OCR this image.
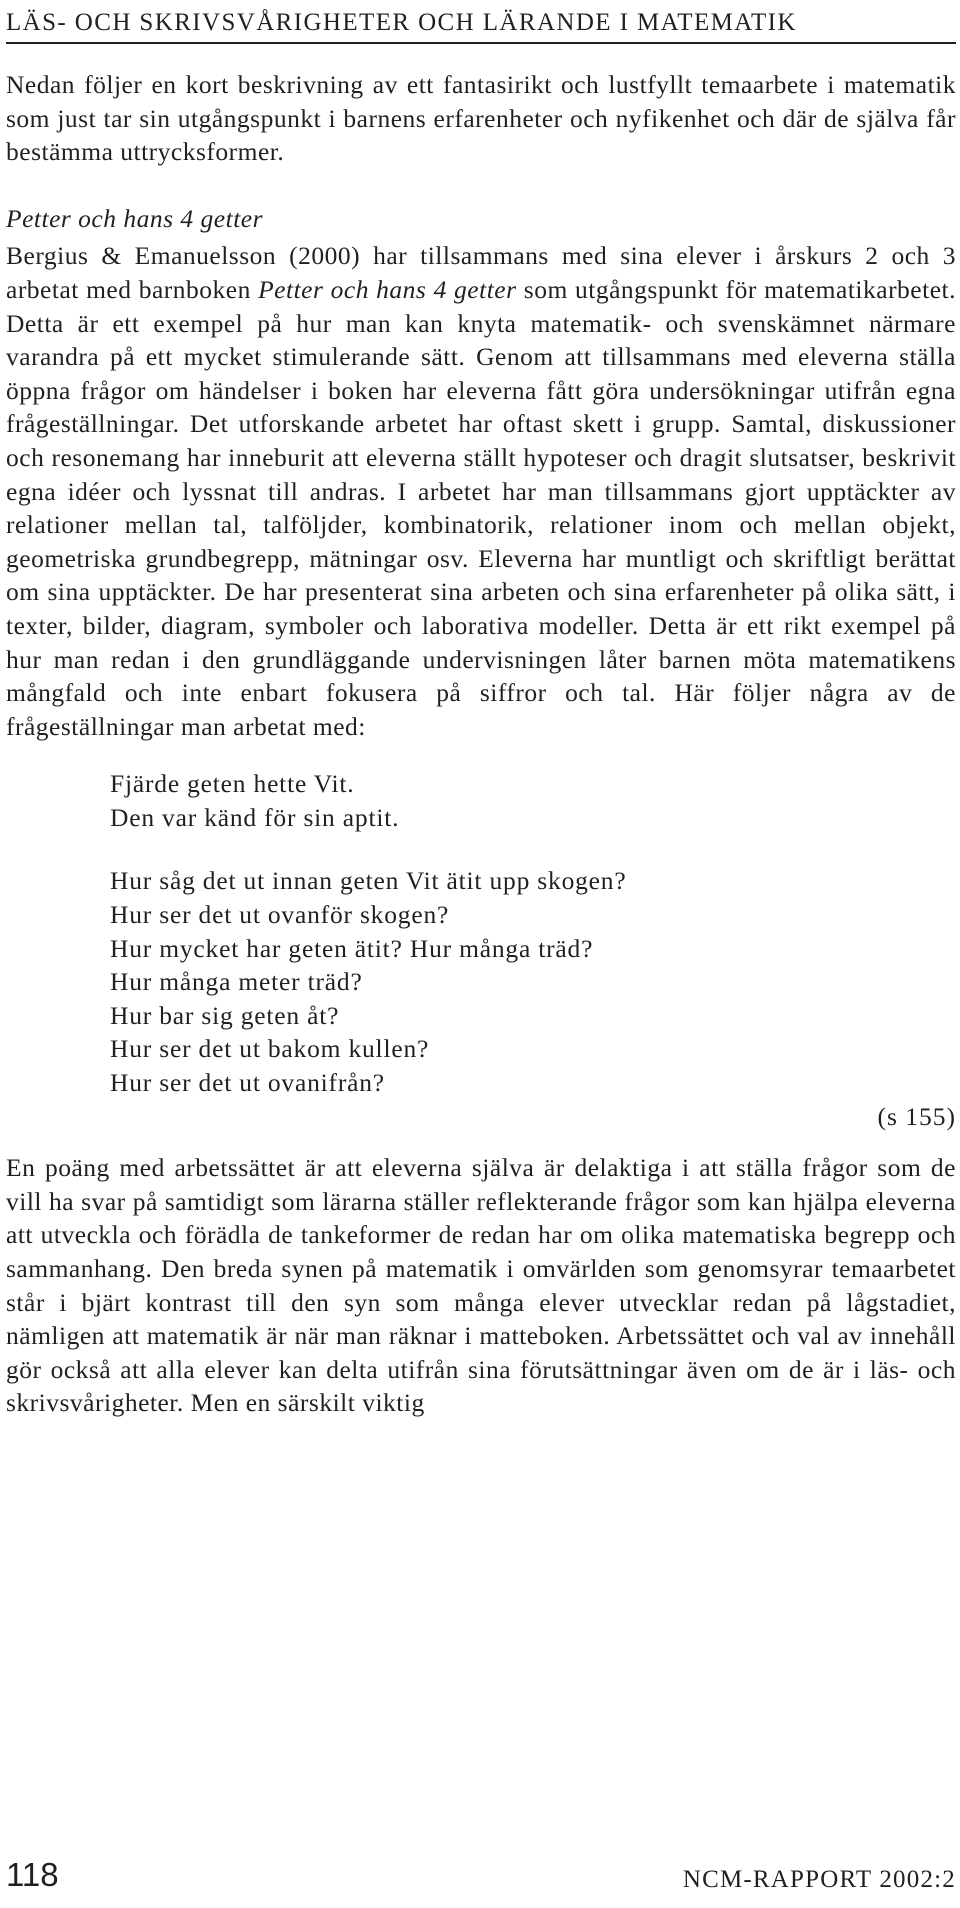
LÄS- OCH SKRIVSVÅRIGHETER OCH LÄRANDE I MATEMATIK

Nedan följer en kort beskrivning av ett fantasirikt och lustfyllt temaarbete i matematik som just tar sin utgångspunkt i barnens erfarenheter och nyfikenhet och där de själva får bestämma uttrycksformer.

Petter och hans 4 getter

Bergius & Emanuelsson (2000) har tillsammans med sina elever i årskurs 2 och 3 arbetat med barnboken Petter och hans 4 getter som utgångspunkt för matematikarbetet. Detta är ett exempel på hur man kan knyta matematik- och svenskämnet närmare varandra på ett mycket stimulerande sätt. Genom att tillsammans med eleverna ställa öppna frågor om händelser i boken har eleverna fått göra undersökningar utifrån egna frågeställningar. Det utforskande arbetet har oftast skett i grupp. Samtal, diskussioner och resonemang har inneburit att eleverna ställt hypoteser och dragit slutsatser, beskrivit egna idéer och lyssnat till andras. I arbetet har man tillsammans gjort upptäckter av relationer mellan tal, talföljder, kombinatorik, relationer inom och mellan objekt, geometriska grundbegrepp, mätningar osv. Eleverna har muntligt och skriftligt berättat om sina upptäckter. De har presenterat sina arbeten och sina erfarenheter på olika sätt, i texter, bilder, diagram, symboler och laborativa modeller. Detta är ett rikt exempel på hur man redan i den grundläggande undervisningen låter barnen möta matematikens mångfald och inte enbart fokusera på siffror och tal. Här följer några av de frågeställningar man arbetat med:

Fjärde geten hette Vit.
Den var känd för sin aptit.
Hur såg det ut innan geten Vit ätit upp skogen?
Hur ser det ut ovanför skogen?
Hur mycket har geten ätit? Hur många träd?
Hur många meter träd?
Hur bar sig geten åt?
Hur ser det ut bakom kullen?
Hur ser det ut ovanifrån?
(s 155)

En poäng med arbetssättet är att eleverna själva är delaktiga i att ställa frågor som de vill ha svar på samtidigt som lärarna ställer reflekterande frågor som kan hjälpa eleverna att utveckla och förädla de tankeformer de redan har om olika matematiska begrepp och sammanhang. Den breda synen på matematik i omvärlden som genomsyrar temaarbetet står i bjärt kontrast till den syn som många elever utvecklar redan på lågstadiet, nämligen att matematik är när man räknar i matteboken. Arbetssättet och val av innehåll gör också att alla elever kan delta utifrån sina förutsättningar även om de är i läs- och skrivsvårigheter. Men en särskilt viktig

118	NCM-RAPPORT 2002:2
